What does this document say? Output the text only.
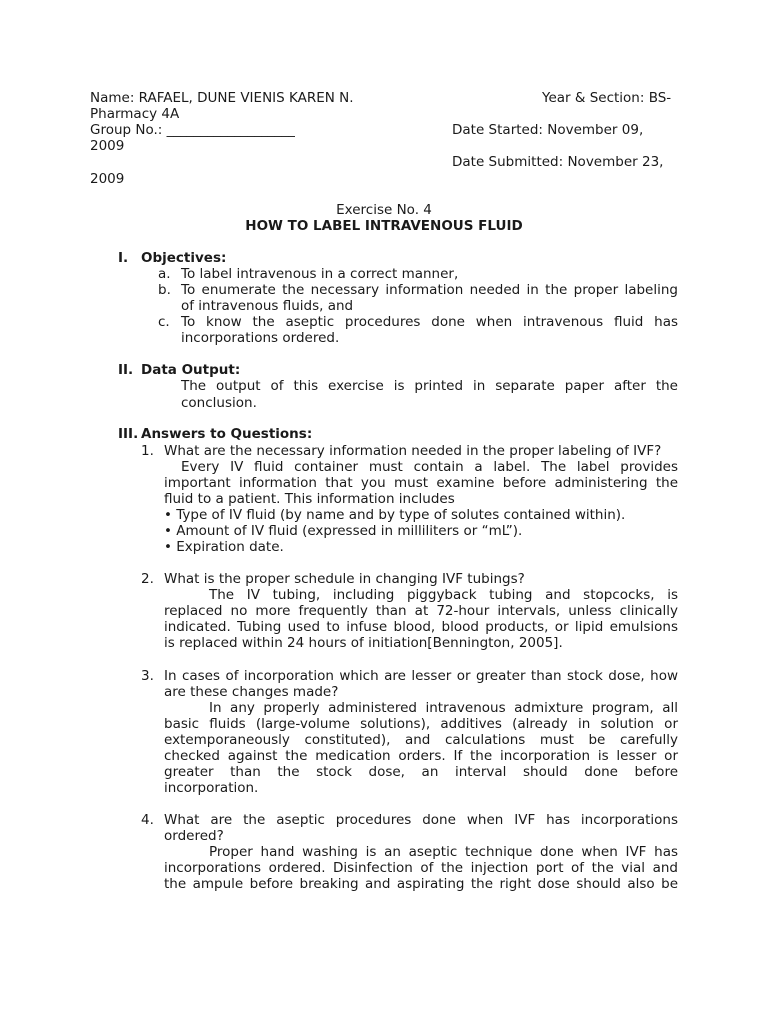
Name: RAFAEL, DUNE VIENIS KAREN N.	Year & Section: BS-
Pharmacy 4A
Group No.: ___________________	Date Started: November 09,
2009
Date Submitted: November 23,
2009
Exercise No. 4
HOW TO LABEL INTRAVENOUS FLUID
I. Objectives:
a. To label intravenous in a correct manner,
b. To enumerate the necessary information needed in the proper labeling
of intravenous fluids, and
c. To know the aseptic procedures done when intravenous fluid has
incorporations ordered.
II. Data Output:
The output of this exercise is printed in separate paper after the
conclusion.
III. Answers to Questions:
1. What are the necessary information needed in the proper labeling of IVF?
Every IV fluid container must contain a label. The label provides
important information that you must examine before administering the
fluid to a patient. This information includes
• Type of IV fluid (by name and by type of solutes contained within).
• Amount of IV fluid (expressed in milliliters or “mL”).
• Expiration date.
2. What is the proper schedule in changing IVF tubings?
The IV tubing, including piggyback tubing and stopcocks, is
replaced no more frequently than at 72-hour intervals, unless clinically
indicated. Tubing used to infuse blood, blood products, or lipid emulsions
is replaced within 24 hours of initiation[Bennington, 2005].
3. In cases of incorporation which are lesser or greater than stock dose, how
are these changes made?
In any properly administered intravenous admixture program, all
basic fluids (large-volume solutions), additives (already in solution or
extemporaneously constituted), and calculations must be carefully
checked against the medication orders. If the incorporation is lesser or
greater than the stock dose, an interval should done before
incorporation.
4. What are the aseptic procedures done when IVF has incorporations
ordered?
Proper hand washing is an aseptic technique done when IVF has
incorporations ordered. Disinfection of the injection port of the vial and
the ampule before breaking and aspirating the right dose should also be
